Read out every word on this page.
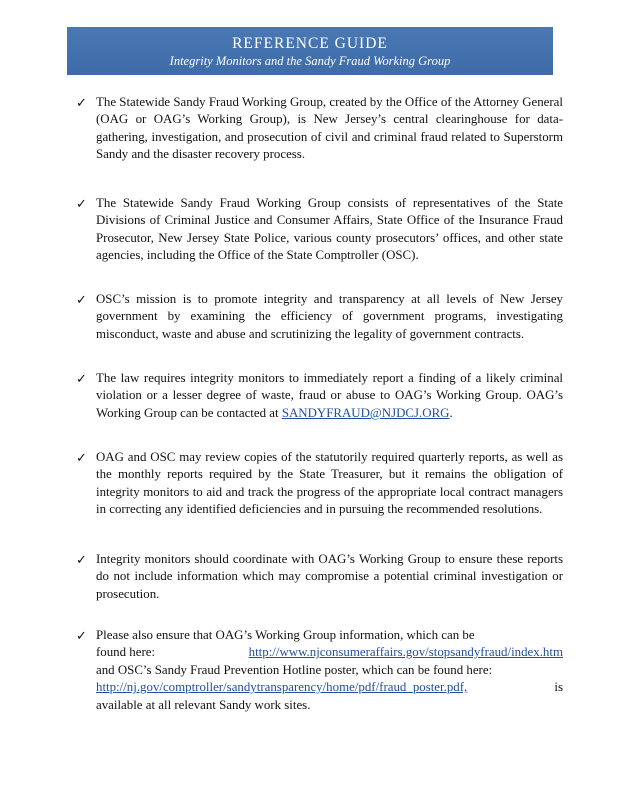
REFERENCE GUIDE
Integrity Monitors and the Sandy Fraud Working Group
✓ The Statewide Sandy Fraud Working Group, created by the Office of the Attorney General (OAG or OAG’s Working Group), is New Jersey’s central clearinghouse for data-gathering, investigation, and prosecution of civil and criminal fraud related to Superstorm Sandy and the disaster recovery process.
✓ The Statewide Sandy Fraud Working Group consists of representatives of the State Divisions of Criminal Justice and Consumer Affairs, State Office of the Insurance Fraud Prosecutor, New Jersey State Police, various county prosecutors’ offices, and other state agencies, including the Office of the State Comptroller (OSC).
✓ OSC’s mission is to promote integrity and transparency at all levels of New Jersey government by examining the efficiency of government programs, investigating misconduct, waste and abuse and scrutinizing the legality of government contracts.
✓ The law requires integrity monitors to immediately report a finding of a likely criminal violation or a lesser degree of waste, fraud or abuse to OAG’s Working Group. OAG’s Working Group can be contacted at SANDYFRAUD@NJDCJ.ORG.
✓ OAG and OSC may review copies of the statutorily required quarterly reports, as well as the monthly reports required by the State Treasurer, but it remains the obligation of integrity monitors to aid and track the progress of the appropriate local contract managers in correcting any identified deficiencies and in pursuing the recommended resolutions.
✓ Integrity monitors should coordinate with OAG’s Working Group to ensure these reports do not include information which may compromise a potential criminal investigation or prosecution.
✓ Please also ensure that OAG’s Working Group information, which can be
found here:	http://www.njconsumeraffairs.gov/stopsandyfraud/index.htm
and OSC’s Sandy Fraud Prevention Hotline poster, which can be found here:
http://nj.gov/comptroller/sandytransparency/home/pdf/fraud_poster.pdf,	is
available at all relevant Sandy work sites.
